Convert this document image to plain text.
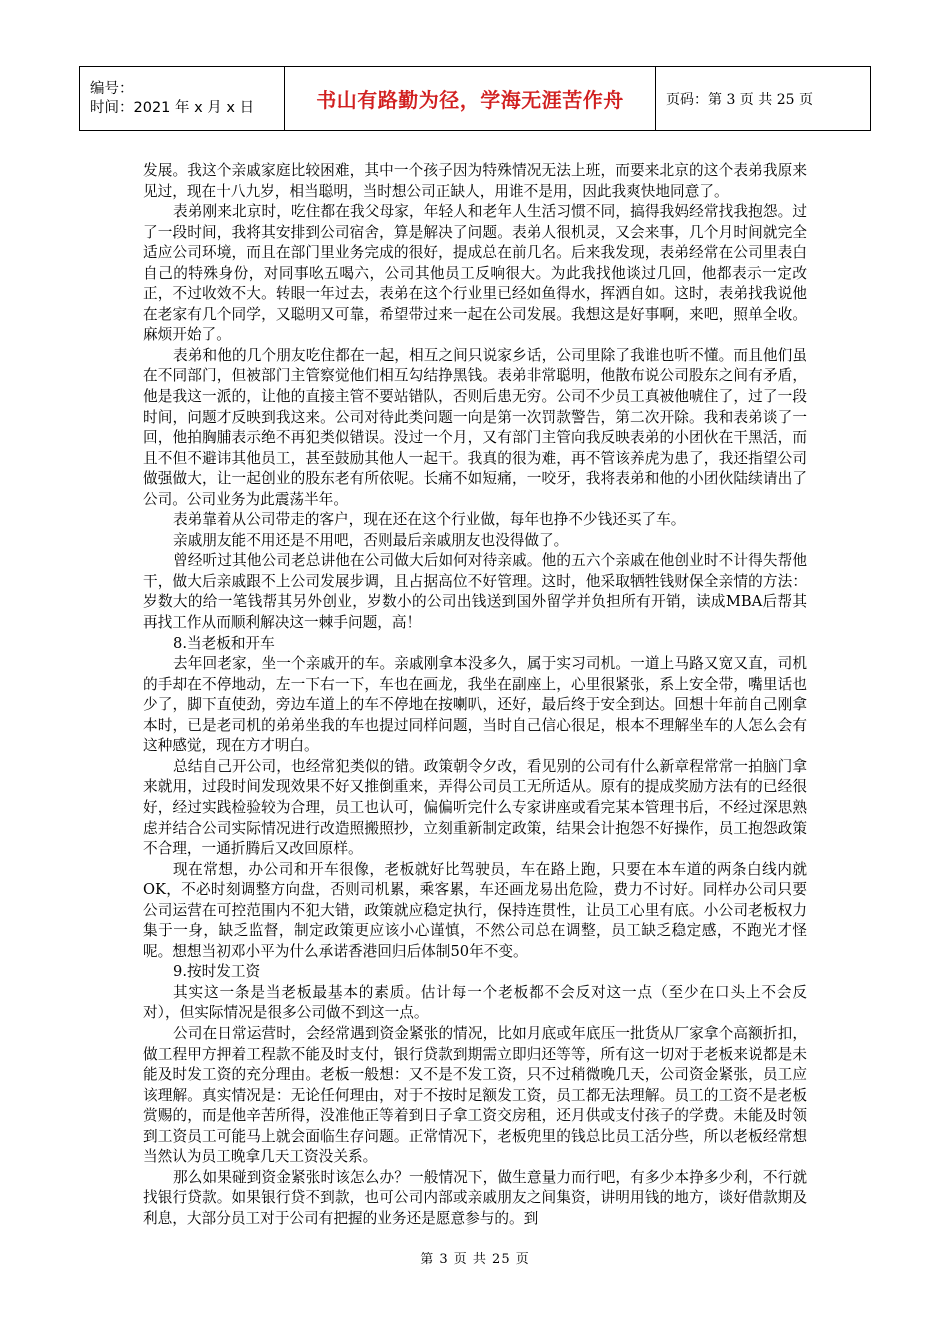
编号：
时间：2021 年 x 月 x 日	书山有路勤为径，学海无涯苦作舟	页码：第 3 页 共 25 页

发展。我这个亲戚家庭比较困难，其中一个孩子因为特殊情况无法上班，而要来北京的这个表弟我原来见过，现在十八九岁，相当聪明，当时想公司正缺人，用谁不是用，因此我爽快地同意了。

表弟刚来北京时，吃住都在我父母家，年轻人和老年人生活习惯不同，搞得我妈经常找我抱怨。过了一段时间，我将其安排到公司宿舍，算是解决了问题。表弟人很机灵，又会来事，几个月时间就完全适应公司环境，而且在部门里业务完成的很好，提成总在前几名。后来我发现，表弟经常在公司里表白自己的特殊身份，对同事吆五喝六，公司其他员工反响很大。为此我找他谈过几回，他都表示一定改正，不过收效不大。转眼一年过去，表弟在这个行业里已经如鱼得水，挥洒自如。这时，表弟找我说他在老家有几个同学，又聪明又可靠，希望带过来一起在公司发展。我想这是好事啊，来吧，照单全收。麻烦开始了。

表弟和他的几个朋友吃住都在一起，相互之间只说家乡话，公司里除了我谁也听不懂。而且他们虽在不同部门，但被部门主管察觉他们相互勾结挣黑钱。表弟非常聪明，他散布说公司股东之间有矛盾，他是我这一派的，让他的直接主管不要站错队，否则后患无穷。公司不少员工真被他唬住了，过了一段时间，问题才反映到我这来。公司对待此类问题一向是第一次罚款警告，第二次开除。我和表弟谈了一回，他拍胸脯表示绝不再犯类似错误。没过一个月，又有部门主管向我反映表弟的小团伙在干黑活，而且不但不避讳其他员工，甚至鼓励其他人一起干。我真的很为难，再不管该养虎为患了，我还指望公司做强做大，让一起创业的股东老有所依呢。长痛不如短痛，一咬牙，我将表弟和他的小团伙陆续请出了公司。公司业务为此震荡半年。

表弟靠着从公司带走的客户，现在还在这个行业做，每年也挣不少钱还买了车。

亲戚朋友能不用还是不用吧，否则最后亲戚朋友也没得做了。

曾经听过其他公司老总讲他在公司做大后如何对待亲戚。他的五六个亲戚在他创业时不计得失帮他干，做大后亲戚跟不上公司发展步调，且占据高位不好管理。这时，他采取牺牲钱财保全亲情的方法：岁数大的给一笔钱帮其另外创业，岁数小的公司出钱送到国外留学并负担所有开销，读成MBA后帮其再找工作从而顺利解决这一棘手问题，高！

8.当老板和开车

去年回老家，坐一个亲戚开的车。亲戚刚拿本没多久，属于实习司机。一道上马路又宽又直，司机的手却在不停地动，左一下右一下，车也在画龙，我坐在副座上，心里很紧张，系上安全带，嘴里话也少了，脚下直使劲，旁边车道上的车不停地在按喇叭，还好，最后终于安全到达。回想十年前自己刚拿本时，已是老司机的弟弟坐我的车也提过同样问题，当时自己信心很足，根本不理解坐车的人怎么会有这种感觉，现在方才明白。

总结自己开公司，也经常犯类似的错。政策朝令夕改，看见别的公司有什么新章程常常一拍脑门拿来就用，过段时间发现效果不好又推倒重来，弄得公司员工无所适从。原有的提成奖励方法有的已经很好，经过实践检验较为合理，员工也认可，偏偏听完什么专家讲座或看完某本管理书后，不经过深思熟虑并结合公司实际情况进行改造照搬照抄，立刻重新制定政策，结果会计抱怨不好操作，员工抱怨政策不合理，一通折腾后又改回原样。

现在常想，办公司和开车很像，老板就好比驾驶员，车在路上跑，只要在本车道的两条白线内就OK，不必时刻调整方向盘，否则司机累，乘客累，车还画龙易出危险，费力不讨好。同样办公司只要公司运营在可控范围内不犯大错，政策就应稳定执行，保持连贯性，让员工心里有底。小公司老板权力集于一身，缺乏监督，制定政策更应该小心谨慎，不然公司总在调整，员工缺乏稳定感，不跑光才怪呢。想想当初邓小平为什么承诺香港回归后体制50年不变。

9.按时发工资

其实这一条是当老板最基本的素质。估计每一个老板都不会反对这一点（至少在口头上不会反对），但实际情况是很多公司做不到这一点。

公司在日常运营时，会经常遇到资金紧张的情况，比如月底或年底压一批货从厂家拿个高额折扣，做工程甲方押着工程款不能及时支付，银行贷款到期需立即归还等等，所有这一切对于老板来说都是未能及时发工资的充分理由。老板一般想：又不是不发工资，只不过稍微晚几天，公司资金紧张，员工应该理解。真实情况是：无论任何理由，对于不按时足额发工资，员工都无法理解。员工的工资不是老板赏赐的，而是他辛苦所得，没准他正等着到日子拿工资交房租，还月供或支付孩子的学费。未能及时领到工资员工可能马上就会面临生存问题。正常情况下，老板兜里的钱总比员工活分些，所以老板经常想当然认为员工晚拿几天工资没关系。

那么如果碰到资金紧张时该怎么办？一般情况下，做生意量力而行吧，有多少本挣多少利，不行就找银行贷款。如果银行贷不到款，也可公司内部或亲戚朋友之间集资，讲明用钱的地方，谈好借款期及利息，大部分员工对于公司有把握的业务还是愿意参与的。到

第 3 页 共 25 页
